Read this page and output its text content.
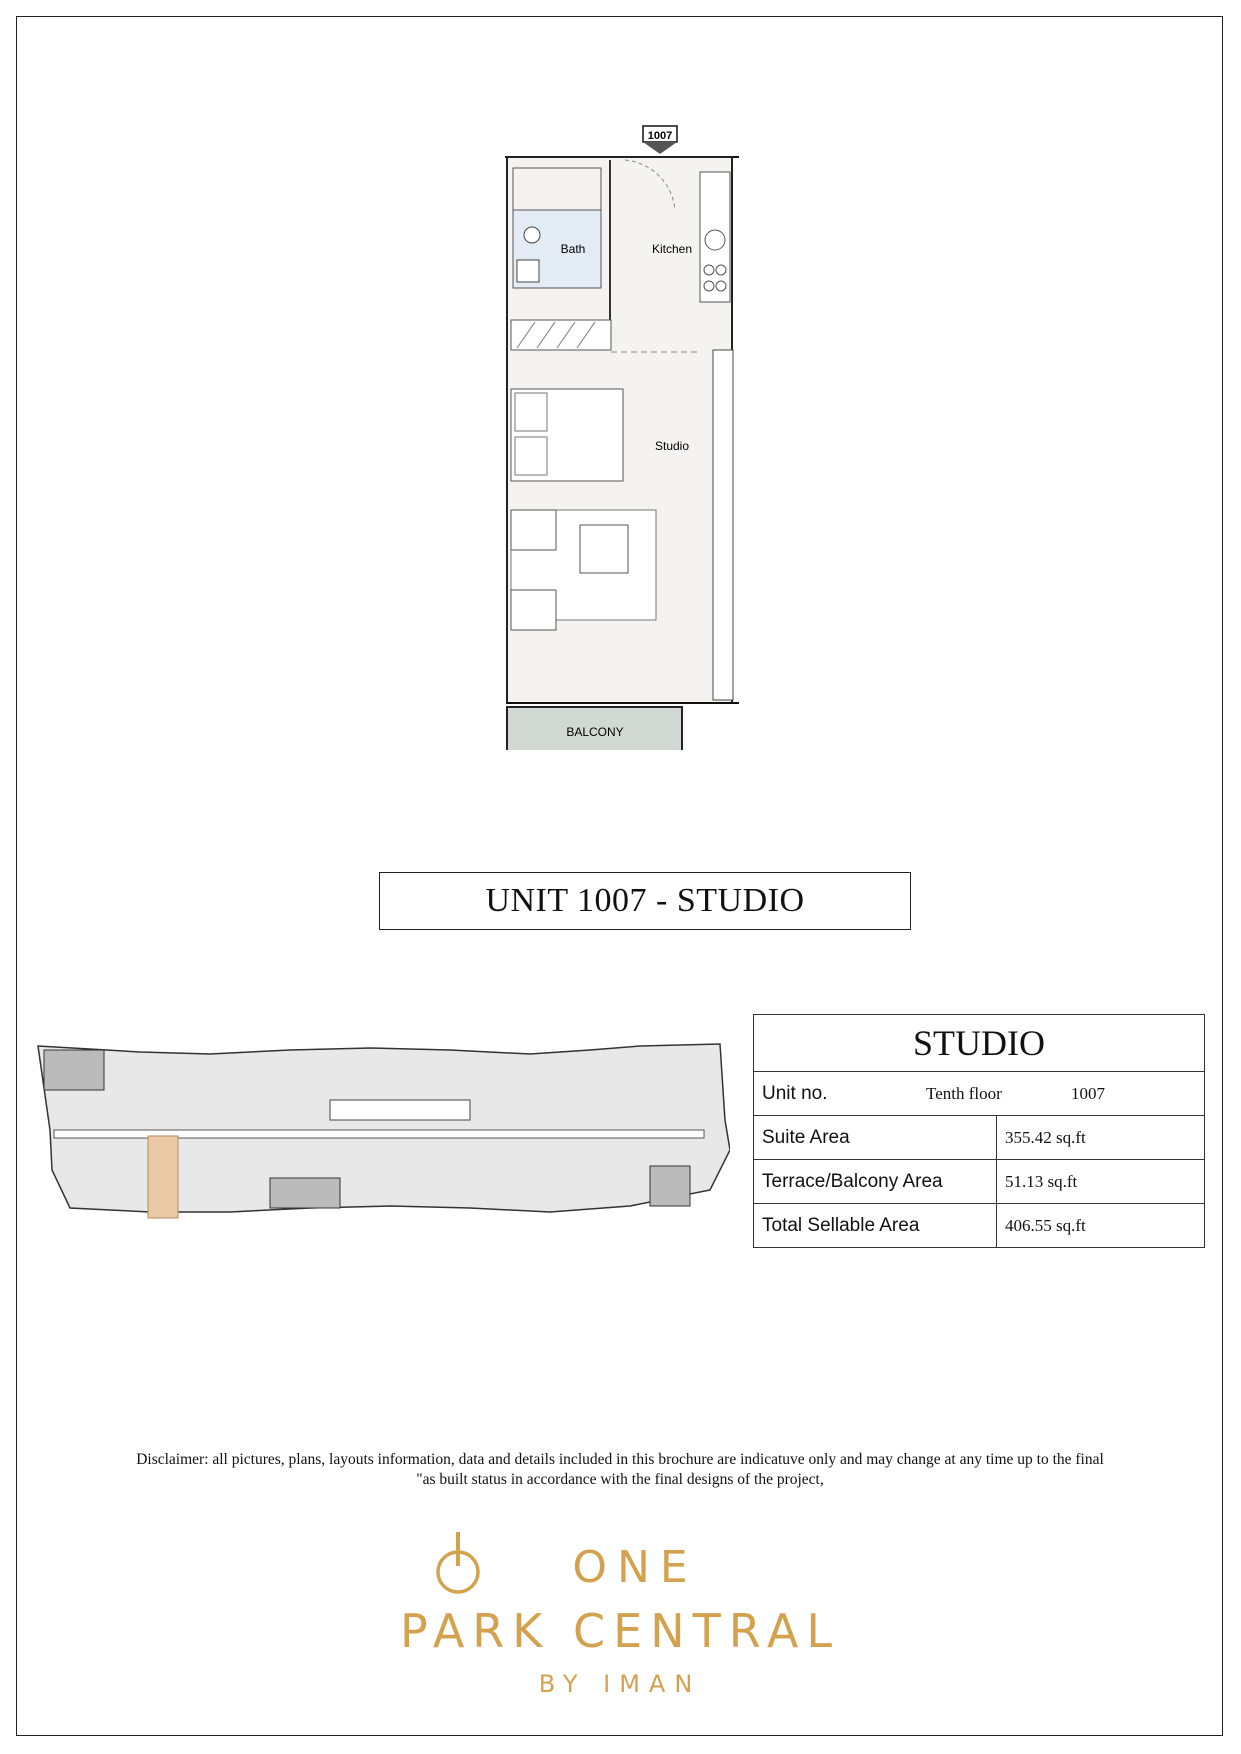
1007
Bath	Kitchen
Studio
BALCONY
UNIT 1007 - STUDIO
STUDIO	

Unit no. Tenth floor 1007	

Suite Area	355.42 sq.ft
Terrace/Balcony Area	51.13 sq.ft
Total Sellable Area	406.55 sq.ft
Disclaimer: all pictures, plans, layouts information, data and details included in this brochure are indicatuve only and may change at any time up to the final
"as built status in accordance with the final designs of the project,
ONE
PARK CENTRAL
BY IMAN
